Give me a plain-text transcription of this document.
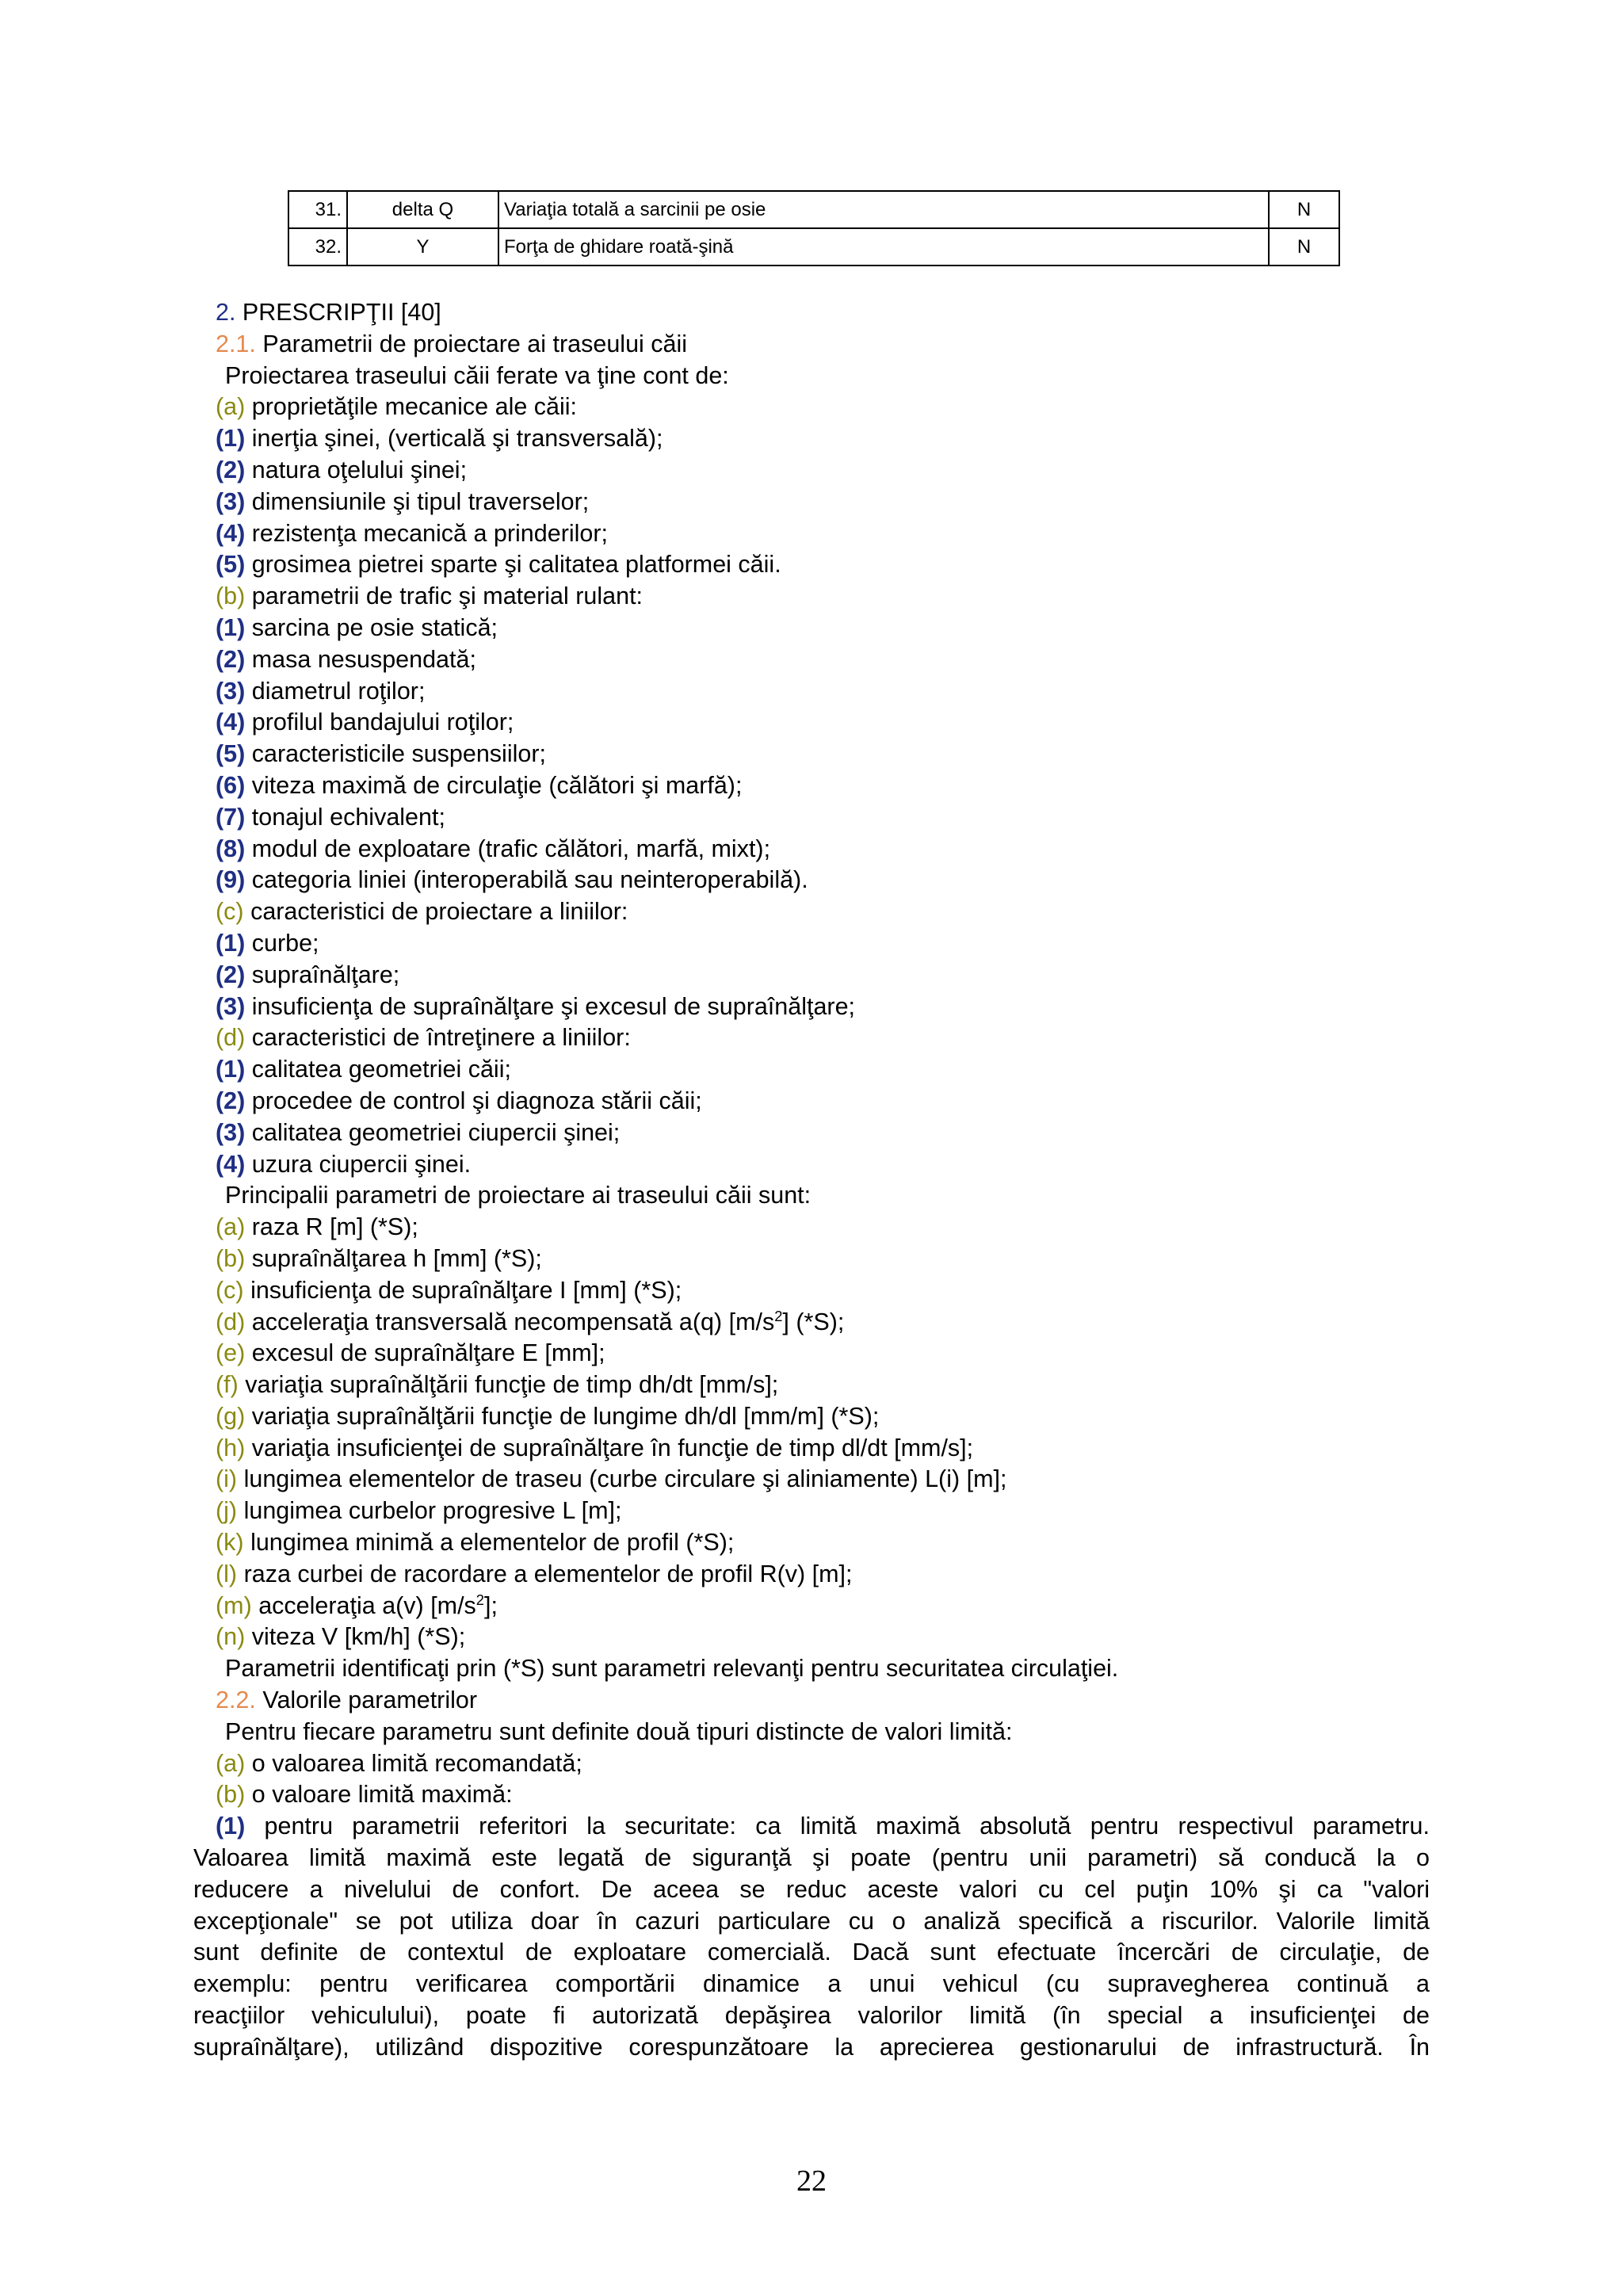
31.	delta Q	Variaţia totală a sarcinii pe osie	N
32.	Y	Forţa de ghidare roată-şină	N
2. PRESCRIPŢII [40]
2.1. Parametrii de proiectare ai traseului căii
Proiectarea traseului căii ferate va ţine cont de:
(a) proprietăţile mecanice ale căii:
(1) inerţia şinei, (verticală şi transversală);
(2) natura oţelului şinei;
(3) dimensiunile şi tipul traverselor;
(4) rezistenţa mecanică a prinderilor;
(5) grosimea pietrei sparte şi calitatea platformei căii.
(b) parametrii de trafic şi material rulant:
(1) sarcina pe osie statică;
(2) masa nesuspendată;
(3) diametrul roţilor;
(4) profilul bandajului roţilor;
(5) caracteristicile suspensiilor;
(6) viteza maximă de circulaţie (călători şi marfă);
(7) tonajul echivalent;
(8) modul de exploatare (trafic călători, marfă, mixt);
(9) categoria liniei (interoperabilă sau neinteroperabilă).
(c) caracteristici de proiectare a liniilor:
(1) curbe;
(2) supraînălţare;
(3) insuficienţa de supraînălţare şi excesul de supraînălţare;
(d) caracteristici de întreţinere a liniilor:
(1) calitatea geometriei căii;
(2) procedee de control şi diagnoza stării căii;
(3) calitatea geometriei ciupercii şinei;
(4) uzura ciupercii şinei.
Principalii parametri de proiectare ai traseului căii sunt:
(a) raza R [m] (*S);
(b) supraînălţarea h [mm] (*S);
(c) insuficienţa de supraînălţare I [mm] (*S);
(d) acceleraţia transversală necompensată a(q) $[m/s^2]$ (*S);
(e) excesul de supraînălţare E [mm];
(f) variaţia supraînălţării funcţie de timp dh/dt [mm/s];
(g) variaţia supraînălţării funcţie de lungime dh/dl [mm/m] (*S);
(h) variaţia insuficienţei de supraînălţare în funcţie de timp dl/dt [mm/s];
(i) lungimea elementelor de traseu (curbe circulare şi aliniamente) L(i) [m];
(j) lungimea curbelor progresive L [m];
(k) lungimea minimă a elementelor de profil (*S);
(l) raza curbei de racordare a elementelor de profil R(v) [m];
(m) acceleraţia a(v) $[m/s^2]$;
(n) viteza V [km/h] (*S);
Parametrii identificaţi prin (*S) sunt parametri relevanţi pentru securitatea circulaţiei.
2.2. Valorile parametrilor
Pentru fiecare parametru sunt definite două tipuri distincte de valori limită:
(a) o valoarea limită recomandată;
(b) o valoare limită maximă:
(1) pentru parametrii referitori la securitate: ca limită maximă absolută pentru respectivul parametru.
Valoarea limită maximă este legată de siguranţă şi poate (pentru unii parametri) să conducă la o
reducere a nivelului de confort. De aceea se reduc aceste valori cu cel puţin 10% şi ca "valori
excepţionale" se pot utiliza doar în cazuri particulare cu o analiză specifică a riscurilor. Valorile limită
sunt definite de contextul de exploatare comercială. Dacă sunt efectuate încercări de circulaţie, de
exemplu: pentru verificarea comportării dinamice a unui vehicul (cu supravegherea continuă a
reacţiilor vehiculului), poate fi autorizată depăşirea valorilor limită (în special a insuficienţei de
supraînălţare), utilizând dispozitive corespunzătoare la aprecierea gestionarului de infrastructură. În
22
